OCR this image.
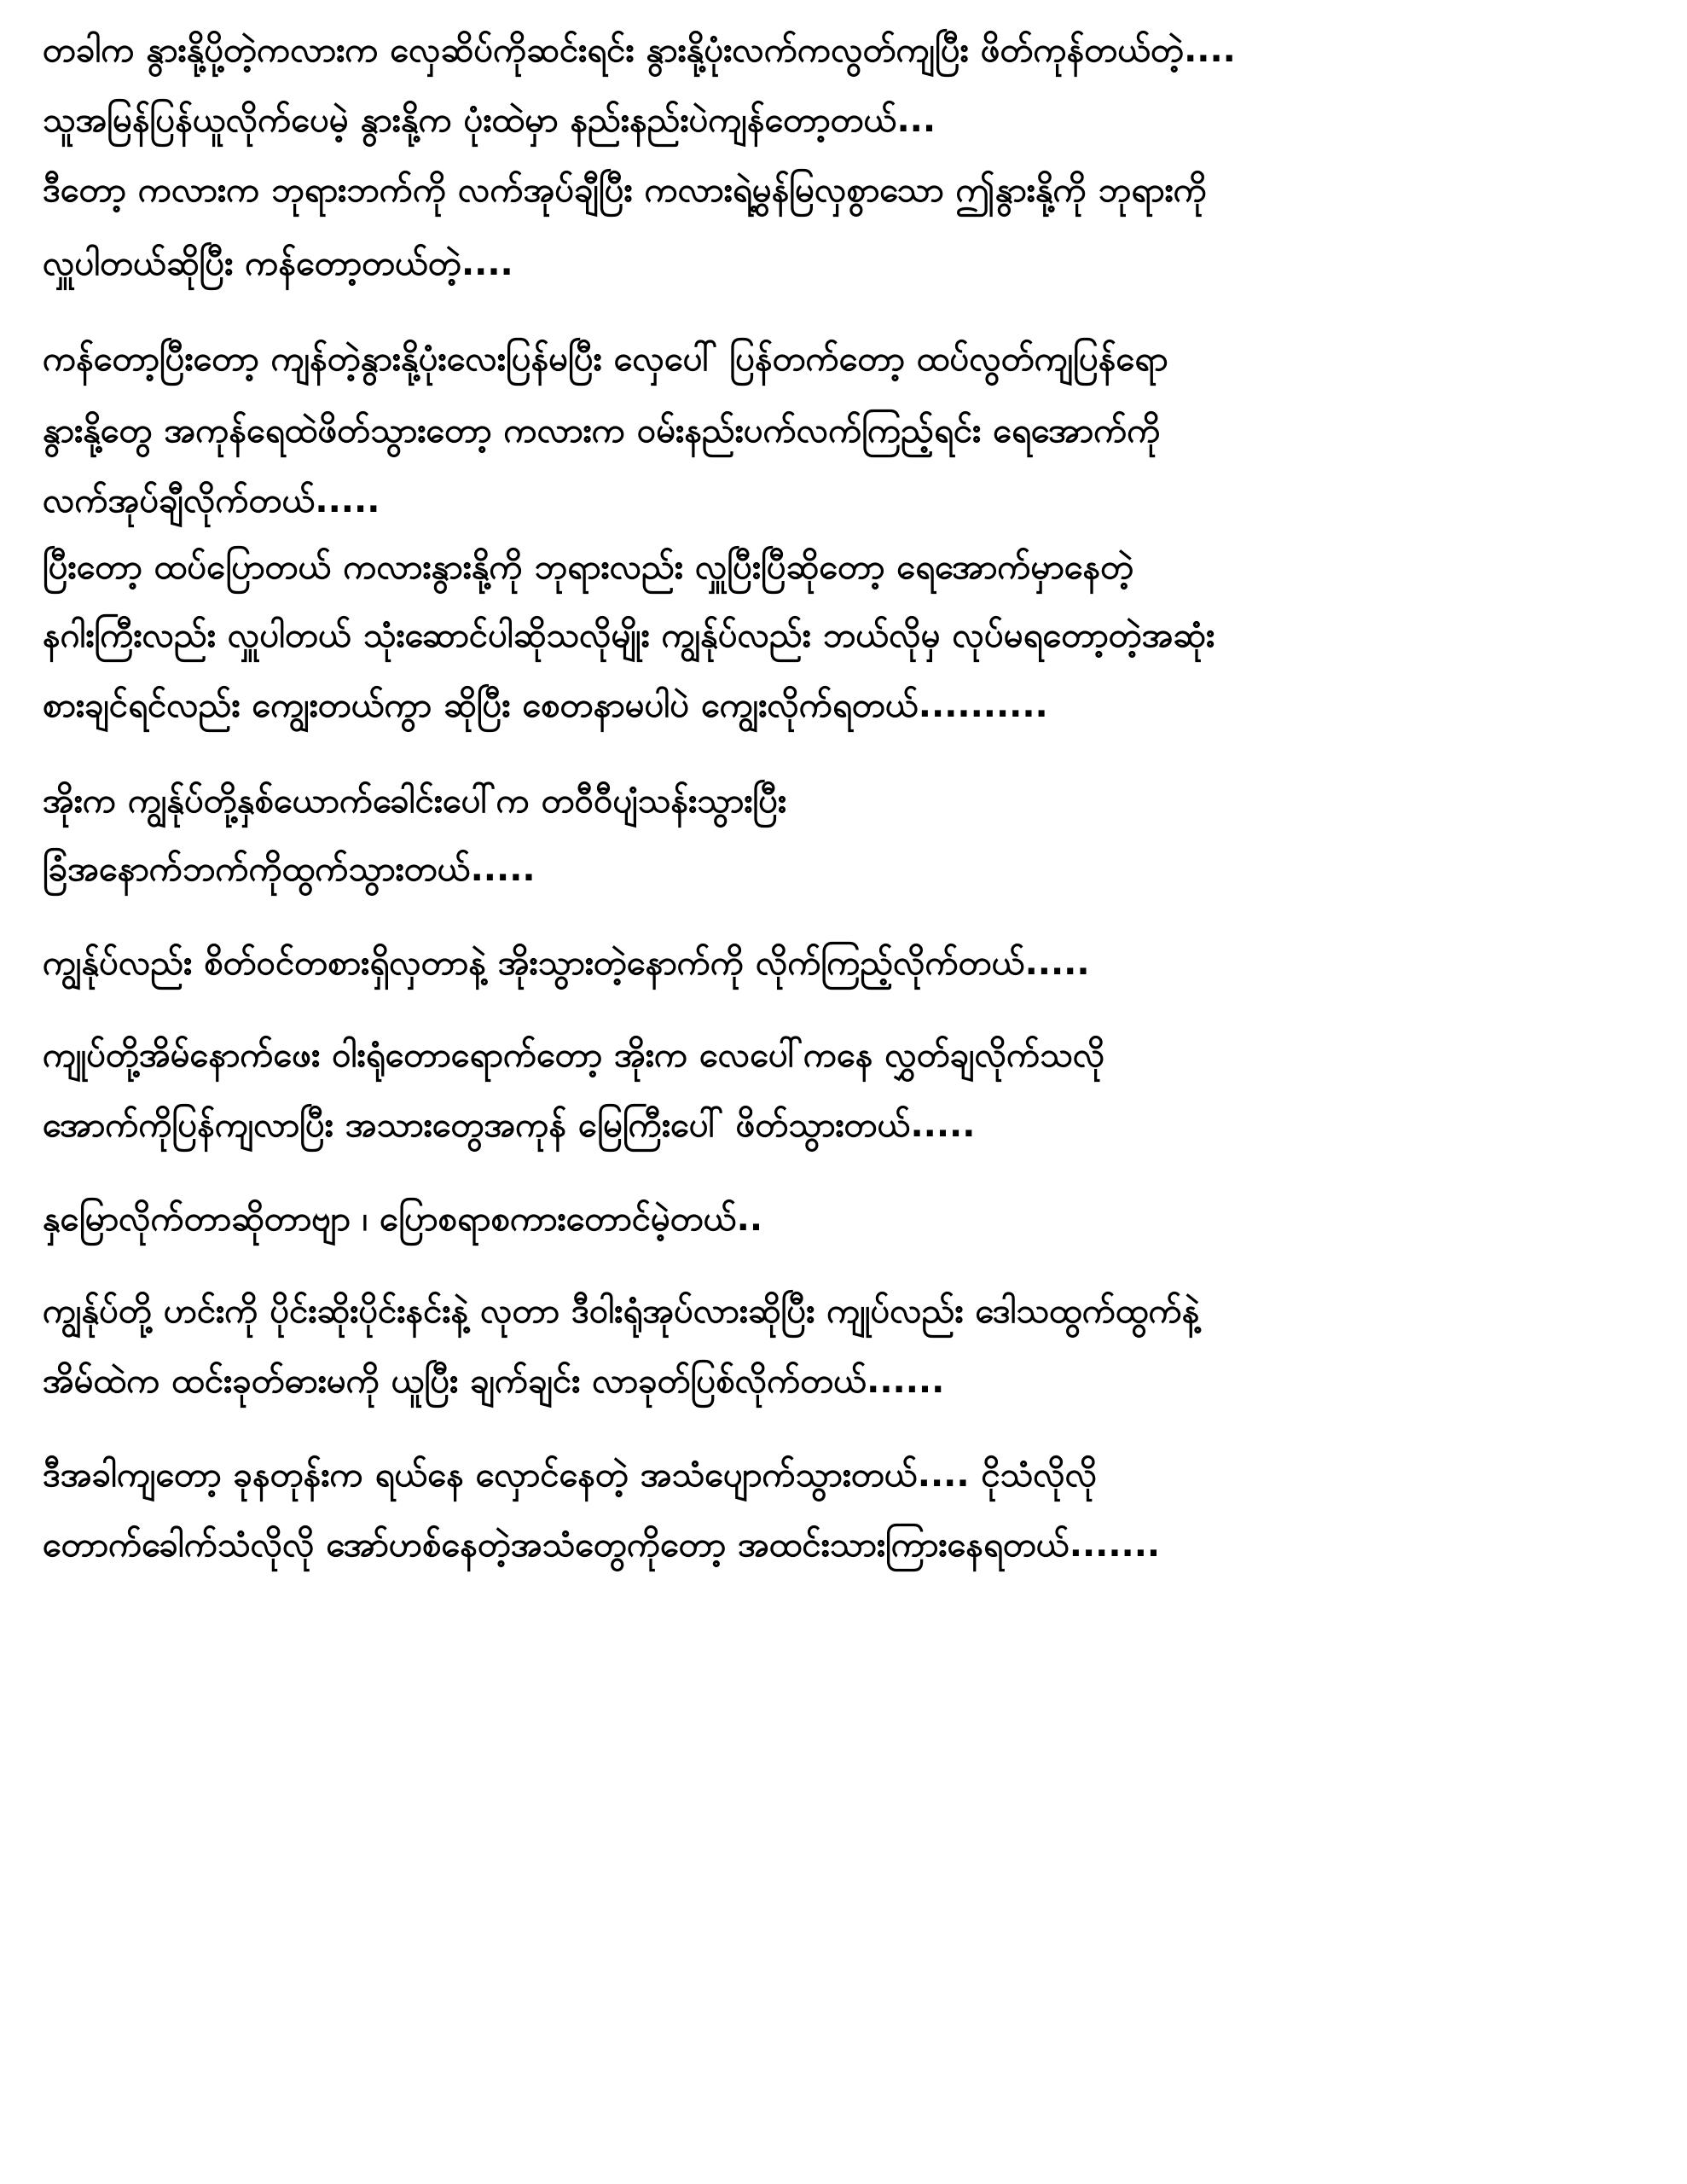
တခါက နွားနို့ပို့တဲ့ကလားက လှေဆိပ်ကိုဆင်းရင်း နွားနို့ပုံးလက်ကလွတ်ကျပြီး ဖိတ်ကုန်တယ်တဲ့....
သူအမြန်ပြန်ယူလိုက်ပေမဲ့ နွားနို့က ပုံးထဲမှာ နည်းနည်းပဲကျန်တော့တယ်...
ဒီတော့ ကလားက ဘုရားဘက်ကို လက်အုပ်ချီပြီး ကလားရဲ့မွန်မြလှစွာသော ဤနွားနို့ကို ဘုရားကို
လှူပါတယ်ဆိုပြီး ကန်တော့တယ်တဲ့....
ကန်တော့ပြီးတော့ ကျန်တဲ့နွားနို့ပုံးလေးပြန်မပြီး လှေပေါ် ပြန်တက်တော့ ထပ်လွတ်ကျပြန်ရော
နွားနို့တွေ အကုန်ရေထဲဖိတ်သွားတော့ ကလားက ဝမ်းနည်းပက်လက်ကြည့်ရင်း ရေအောက်ကို
လက်အုပ်ချီလိုက်တယ်.....
ပြီးတော့ ထပ်ပြောတယ် ကလားနွားနို့ကို ဘုရားလည်း လှူပြီးပြီဆိုတော့ ရေအောက်မှာနေတဲ့
နဂါးကြီးလည်း လှူပါတယ် သုံးဆောင်ပါဆိုသလိုမျိုး ကျွန်ုပ်လည်း ဘယ်လိုမှ လုပ်မရတော့တဲ့အဆုံး
စားချင်ရင်လည်း ကျွေးတယ်ကွာ ဆိုပြီး စေတနာမပါပဲ ကျွေးလိုက်ရတယ်..........
အိုးက ကျွန်ုပ်တို့နှစ်ယောက်ခေါင်းပေါ်က တဝီဝီပျံသန်းသွားပြီး
ခြံအနောက်ဘက်ကိုထွက်သွားတယ်.....
ကျွန်ုပ်လည်း စိတ်ဝင်တစားရှိလှတာနဲ့ အိုးသွားတဲ့နောက်ကို လိုက်ကြည့်လိုက်တယ်.....
ကျုပ်တို့အိမ်နောက်ဖေး ဝါးရုံတောရောက်တော့ အိုးက လေပေါ်ကနေ လွှတ်ချလိုက်သလို
အောက်ကိုပြန်ကျလာပြီး အသားတွေအကုန် မြေကြီးပေါ် ဖိတ်သွားတယ်.....
နှမြောလိုက်တာဆိုတာဗျာ ၊ ပြောစရာစကားတောင်မဲ့တယ်..
ကျွန်ုပ်တို့ ဟင်းကို ပိုင်းဆိုးပိုင်းနင်းနဲ့ လုတာ ဒီဝါးရုံအုပ်လားဆိုပြီး ကျုပ်လည်း ဒေါသထွက်ထွက်နဲ့
အိမ်ထဲက ထင်းခုတ်ဓားမကို ယူပြီး ချက်ချင်း လာခုတ်ပြစ်လိုက်တယ်......
ဒီအခါကျတော့ ခုနတုန်းက ရယ်နေ လှောင်နေတဲ့ အသံပျောက်သွားတယ်.... ငိုသံလိုလို
တောက်ခေါက်သံလိုလို အော်ဟစ်နေတဲ့အသံတွေကိုတော့ အထင်းသားကြားနေရတယ်.......
